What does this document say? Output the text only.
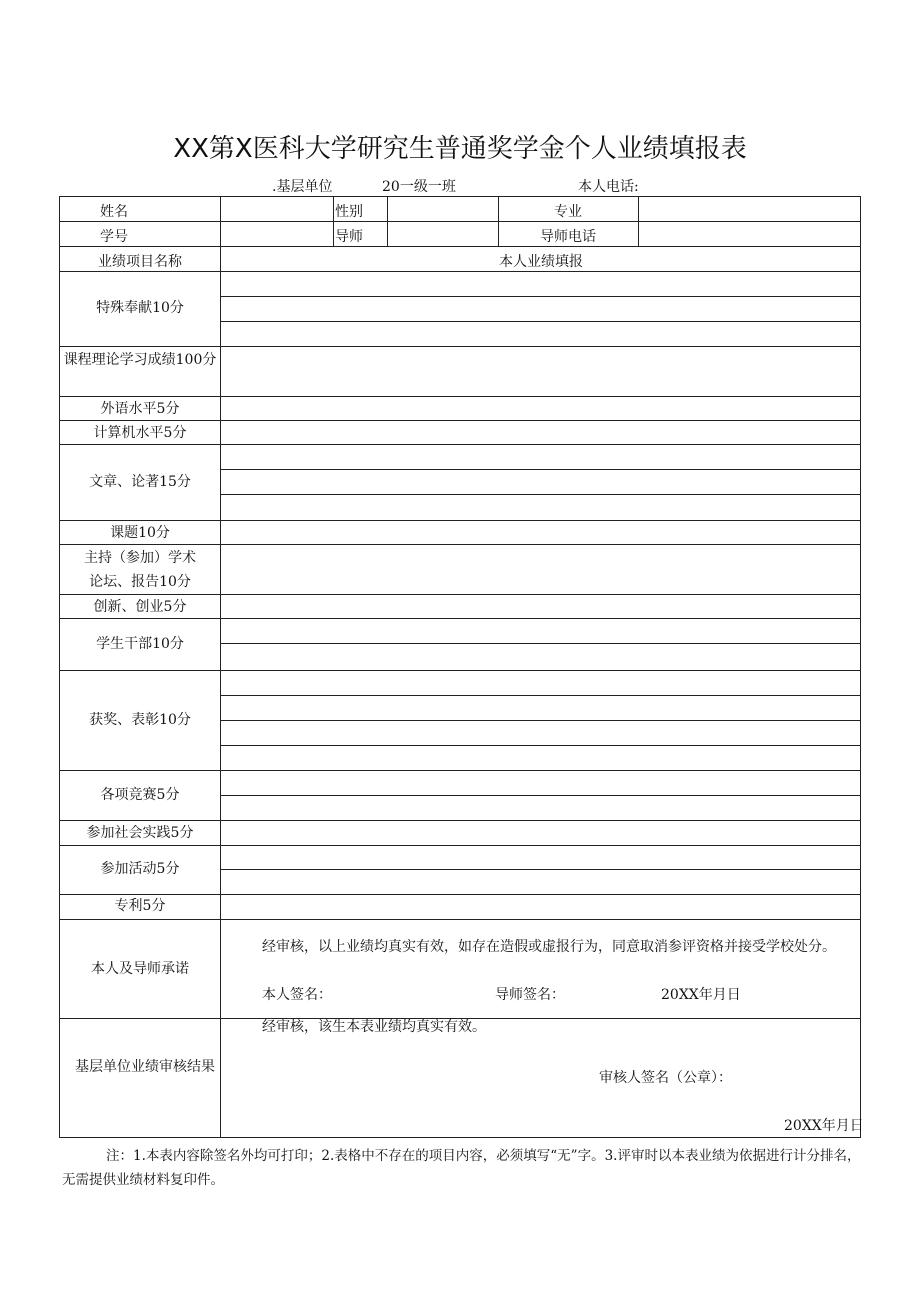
XX第X医科大学研究生普通奖学金个人业绩填报表
.基层单位	20一级一班	本人电话:
姓名	性别	专业
学号	导师	导师电话
业绩项目名称	本人业绩填报
特殊奉献10分
课程理论学习成绩100分
外语水平5分
计算机水平5分
文章、论著15分
课题10分
主持（参加）学术论坛、报告10分
创新、创业5分
学生干部10分
获奖、表彰10分
各项竞赛5分
参加社会实践5分
参加活动5分
专利5分
本人及导师承诺
经审核，以上业绩均真实有效，如存在造假或虚报行为，同意取消参评资格并接受学校处分。
本人签名：	导师签名：	20XX年月日
基层单位业绩审核结果
经审核，该生本表业绩均真实有效。
审核人签名（公章）：
20XX年月日
注：1.本表内容除签名外均可打印；2.表格中不存在的项目内容，必须填写“无”字。3.评审时以本表业绩为依据进行计分排名，无需提供业绩材料复印件。
